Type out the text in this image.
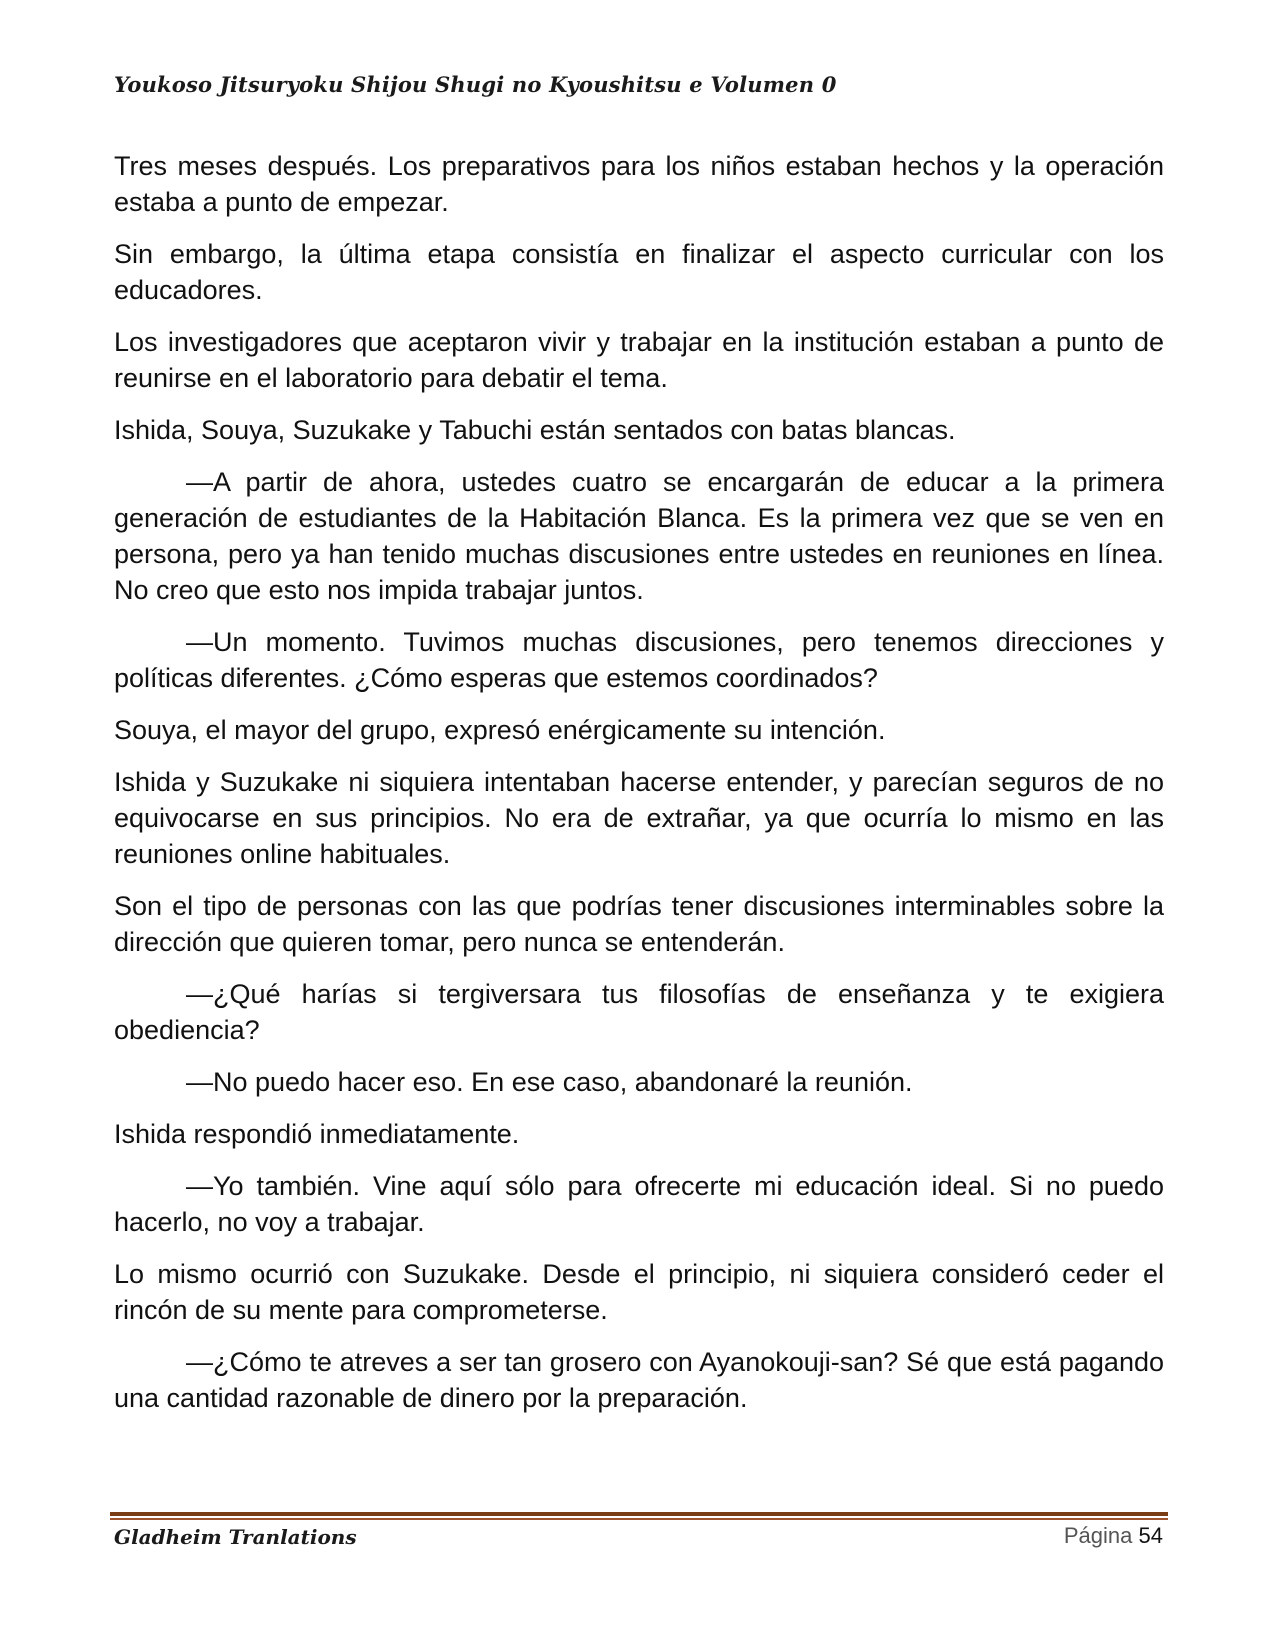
Youkoso Jitsuryoku Shijou Shugi no Kyoushitsu e Volumen 0

Tres meses después. Los preparativos para los niños estaban hechos y la operación estaba a punto de empezar.

Sin embargo, la última etapa consistía en finalizar el aspecto curricular con los educadores.

Los investigadores que aceptaron vivir y trabajar en la institución estaban a punto de reunirse en el laboratorio para debatir el tema.

Ishida, Souya, Suzukake y Tabuchi están sentados con batas blancas.

—A partir de ahora, ustedes cuatro se encargarán de educar a la primera generación de estudiantes de la Habitación Blanca. Es la primera vez que se ven en persona, pero ya han tenido muchas discusiones entre ustedes en reuniones en línea. No creo que esto nos impida trabajar juntos.

—Un momento. Tuvimos muchas discusiones, pero tenemos direcciones y políticas diferentes. ¿Cómo esperas que estemos coordinados?

Souya, el mayor del grupo, expresó enérgicamente su intención.

Ishida y Suzukake ni siquiera intentaban hacerse entender, y parecían seguros de no equivocarse en sus principios. No era de extrañar, ya que ocurría lo mismo en las reuniones online habituales.

Son el tipo de personas con las que podrías tener discusiones interminables sobre la dirección que quieren tomar, pero nunca se entenderán.

—¿Qué harías si tergiversara tus filosofías de enseñanza y te exigiera obediencia?

—No puedo hacer eso. En ese caso, abandonaré la reunión.

Ishida respondió inmediatamente.

—Yo también. Vine aquí sólo para ofrecerte mi educación ideal. Si no puedo hacerlo, no voy a trabajar.

Lo mismo ocurrió con Suzukake. Desde el principio, ni siquiera consideró ceder el rincón de su mente para comprometerse.

—¿Cómo te atreves a ser tan grosero con Ayanokouji-san? Sé que está pagando una cantidad razonable de dinero por la preparación.

Gladheim Tranlations	Página 54
